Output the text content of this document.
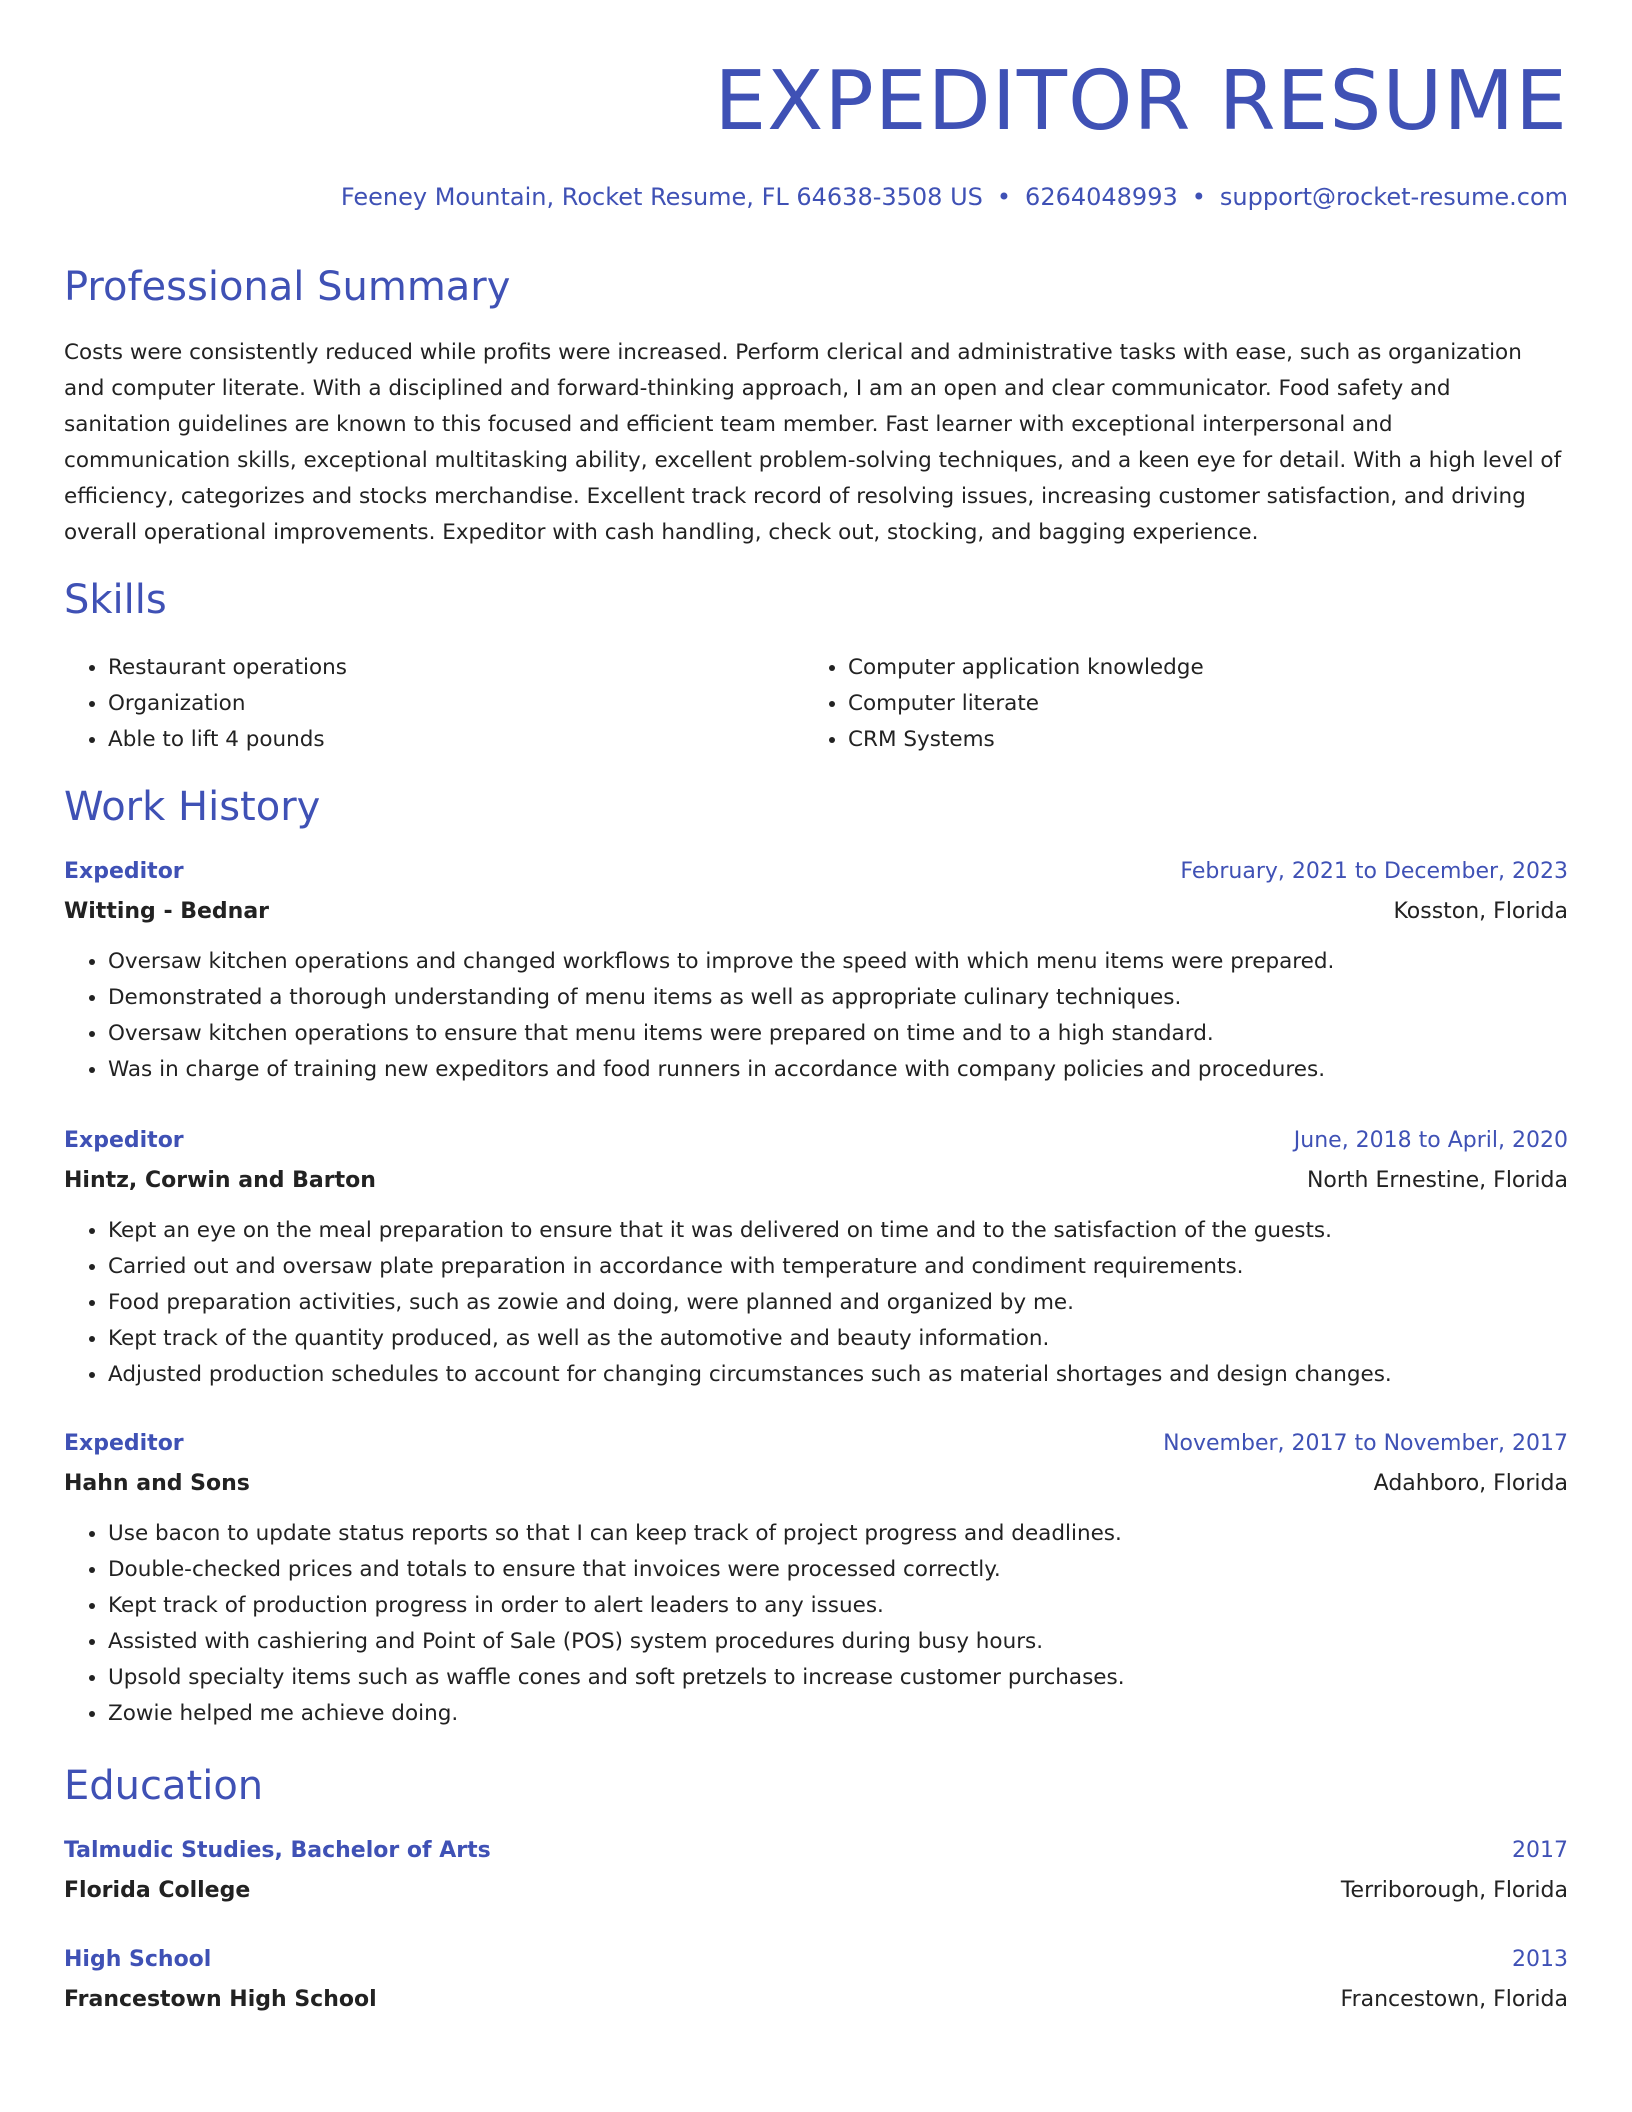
EXPEDITOR RESUME
Feeney Mountain, Rocket Resume, FL 64638-3508 US • 6264048993 • support@rocket-resume.com
Professional Summary
Costs were consistently reduced while profits were increased. Perform clerical and administrative tasks with ease, such as organization and computer literate. With a disciplined and forward-thinking approach, I am an open and clear communicator. Food safety and sanitation guidelines are known to this focused and efficient team member. Fast learner with exceptional interpersonal and communication skills, exceptional multitasking ability, excellent problem-solving techniques, and a keen eye for detail. With a high level of efficiency, categorizes and stocks merchandise. Excellent track record of resolving issues, increasing customer satisfaction, and driving overall operational improvements. Expeditor with cash handling, check out, stocking, and bagging experience.
Skills
• Restaurant operations
• Organization
• Able to lift 4 pounds
• Computer application knowledge
• Computer literate
• CRM Systems
Work History
Expeditor	February, 2021 to December, 2023
Witting - Bednar	Kosston, Florida
• Oversaw kitchen operations and changed workflows to improve the speed with which menu items were prepared.
• Demonstrated a thorough understanding of menu items as well as appropriate culinary techniques.
• Oversaw kitchen operations to ensure that menu items were prepared on time and to a high standard.
• Was in charge of training new expeditors and food runners in accordance with company policies and procedures.
Expeditor	June, 2018 to April, 2020
Hintz, Corwin and Barton	North Ernestine, Florida
• Kept an eye on the meal preparation to ensure that it was delivered on time and to the satisfaction of the guests.
• Carried out and oversaw plate preparation in accordance with temperature and condiment requirements.
• Food preparation activities, such as zowie and doing, were planned and organized by me.
• Kept track of the quantity produced, as well as the automotive and beauty information.
• Adjusted production schedules to account for changing circumstances such as material shortages and design changes.
Expeditor	November, 2017 to November, 2017
Hahn and Sons	Adahboro, Florida
• Use bacon to update status reports so that I can keep track of project progress and deadlines.
• Double-checked prices and totals to ensure that invoices were processed correctly.
• Kept track of production progress in order to alert leaders to any issues.
• Assisted with cashiering and Point of Sale (POS) system procedures during busy hours.
• Upsold specialty items such as waffle cones and soft pretzels to increase customer purchases.
• Zowie helped me achieve doing.
Education
Talmudic Studies, Bachelor of Arts	2017
Florida College	Terriborough, Florida
High School	2013
Francestown High School	Francestown, Florida
